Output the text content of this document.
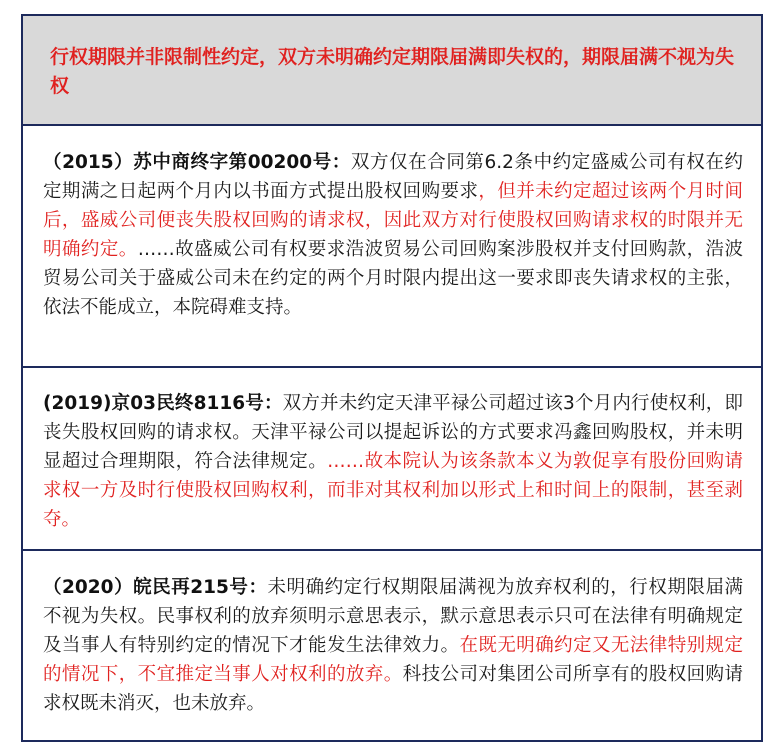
行权期限并非限制性约定，双方未明确约定期限届满即失权的，期限届满不视为失权
（2015）苏中商终字第00200号：双方仅在合同第6.2条中约定盛威公司有权在约定期满之日起两个月内以书面方式提出股权回购要求，但并未约定超过该两个月时间后，盛威公司便丧失股权回购的请求权，因此双方对行使股权回购请求权的时限并无明确约定。……故盛威公司有权要求浩波贸易公司回购案涉股权并支付回购款，浩波贸易公司关于盛威公司未在约定的两个月时限内提出这一要求即丧失请求权的主张，依法不能成立，本院碍难支持。
(2019)京03民终8116号：双方并未约定天津平禄公司超过该3个月内行使权利，即丧失股权回购的请求权。天津平禄公司以提起诉讼的方式要求冯鑫回购股权，并未明显超过合理期限，符合法律规定。……故本院认为该条款本义为敦促享有股份回购请求权一方及时行使股权回购权利，而非对其权利加以形式上和时间上的限制，甚至剥夺。
（2020）皖民再215号：未明确约定行权期限届满视为放弃权利的，行权期限届满不视为失权。民事权利的放弃须明示意思表示，默示意思表示只可在法律有明确规定及当事人有特别约定的情况下才能发生法律效力。在既无明确约定又无法律特别规定的情况下，不宜推定当事人对权利的放弃。科技公司对集团公司所享有的股权回购请求权既未消灭，也未放弃。
